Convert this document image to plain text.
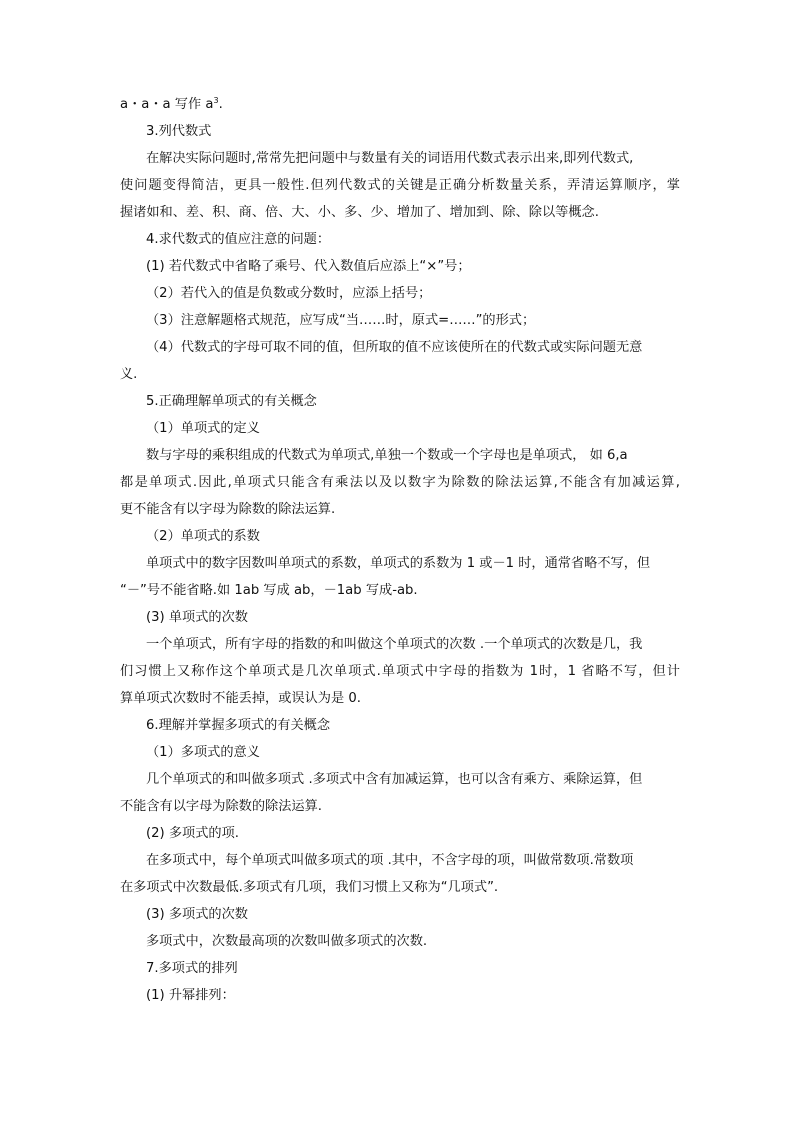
a・a・a 写作 $a^3$.
3.列代数式
在解决实际问题时,常常先把问题中与数量有关的词语用代数式表示出来,即列代数式,
使问题变得简洁，更具一般性.但列代数式的关键是正确分析数量关系，弄清运算顺序，掌
握诸如和、差、积、商、倍、大、小、多、少、增加了、增加到、除、除以等概念.
4.求代数式的值应注意的问题：
(1) 若代数式中省略了乘号、代入数值后应添上“×”号；
（2）若代入的值是负数或分数时，应添上括号；
（3）注意解题格式规范，应写成“当……时，原式=……”的形式；
（4）代数式的字母可取不同的值，但所取的值不应该使所在的代数式或实际问题无意
义.
5.正确理解单项式的有关概念
（1）单项式的定义
数与字母的乘积组成的代数式为单项式,单独一个数或一个字母也是单项式， 如 6,a
都是单项式.因此,单项式只能含有乘法以及以数字为除数的除法运算,不能含有加减运算,
更不能含有以字母为除数的除法运算.
（2）单项式的系数
单项式中的数字因数叫单项式的系数，单项式的系数为 1 或－1 时，通常省略不写，但
“－”号不能省略.如 1ab 写成 ab，－1ab 写成-ab.
(3) 单项式的次数
一个单项式，所有字母的指数的和叫做这个单项式的次数 .一个单项式的次数是几，我
们习惯上又称作这个单项式是几次单项式.单项式中字母的指数为 1时，1 省略不写，但计
算单项式次数时不能丢掉，或误认为是 0.
6.理解并掌握多项式的有关概念
（1）多项式的意义
几个单项式的和叫做多项式 .多项式中含有加减运算，也可以含有乘方、乘除运算，但
不能含有以字母为除数的除法运算.
(2) 多项式的项.
在多项式中，每个单项式叫做多项式的项 .其中，不含字母的项，叫做常数项.常数项
在多项式中次数最低.多项式有几项，我们习惯上又称为“几项式”.
(3) 多项式的次数
多项式中，次数最高项的次数叫做多项式的次数.
7.多项式的排列
(1) 升幂排列：
